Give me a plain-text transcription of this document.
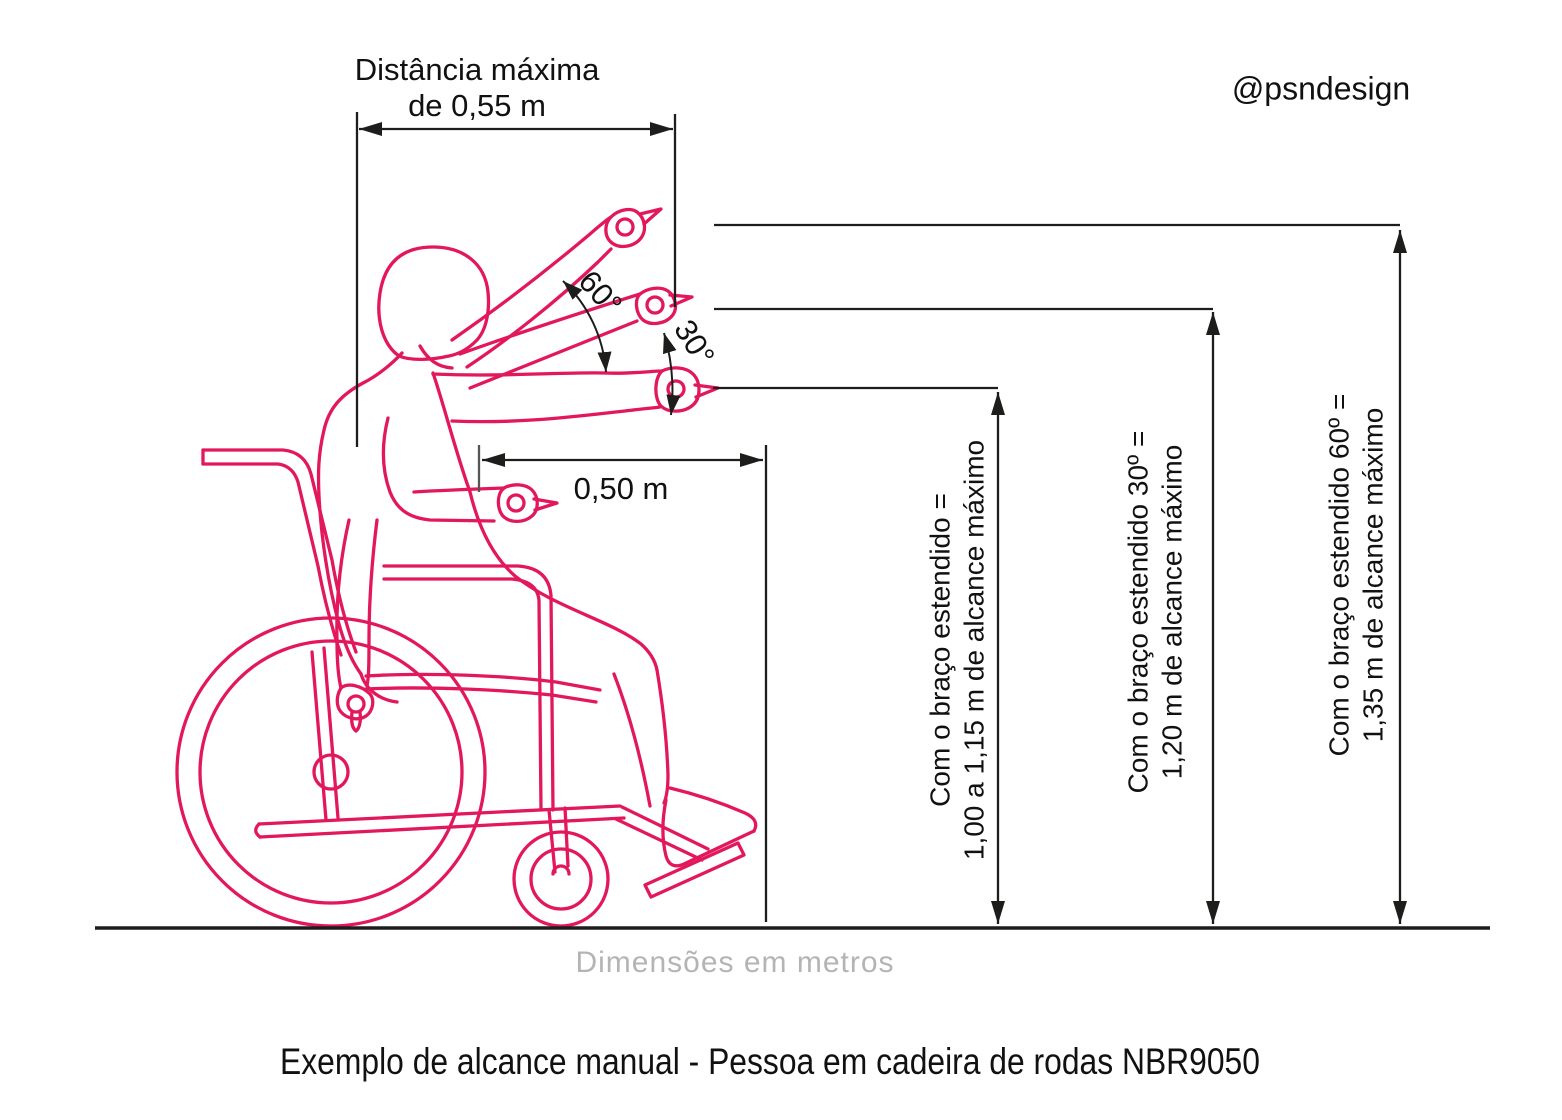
Distância máxima
de 0,55 m	@psndesign
60°
30°
0,50 m
Com o braço estendido = 1,00 a 1,15 m de alcance máximo	Com o braço estendido 30º = 1,20 m de alcance máximo	Com o braço estendido 60º = 1,35 m de alcance máximo
Dimensões em metros
Exemplo de alcance manual - Pessoa em cadeira de rodas NBR9050
